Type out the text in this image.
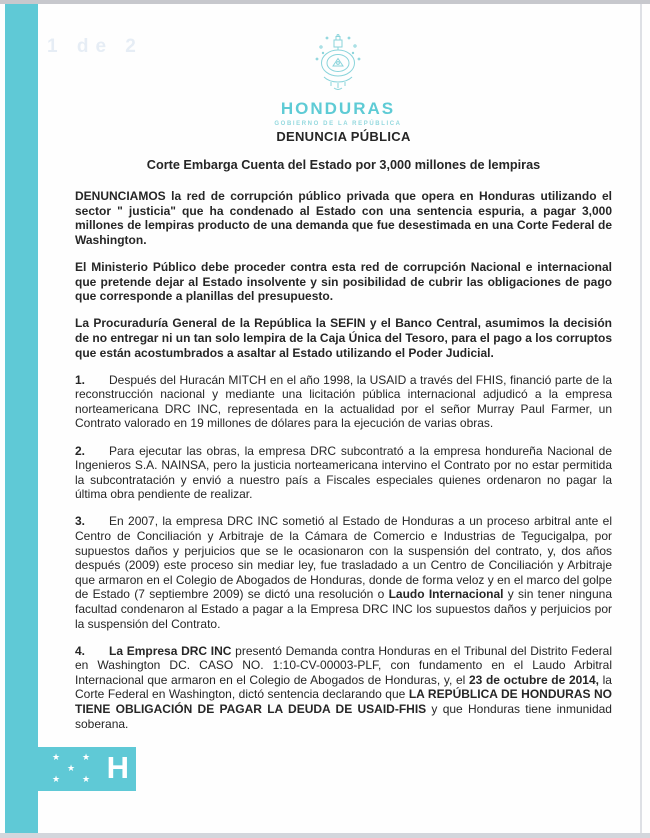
1 de 2
HONDURAS
GOBIERNO DE LA REPÚBLICA

DENUNCIA PÚBLICA

Corte Embarga Cuenta del Estado por 3,000 millones de lempiras

DENUNCIAMOS la red de corrupción público privada que opera en Honduras utilizando el sector " justicia" que ha condenado al Estado con una sentencia espuria, a pagar 3,000 millones de lempiras producto de una demanda que fue desestimada en una Corte Federal de Washington.

El Ministerio Público debe proceder contra esta red de corrupción Nacional e internacional que pretende dejar al Estado insolvente y sin posibilidad de cubrir las obligaciones de pago que corresponde a planillas del presupuesto.

La Procuraduría General de la República la SEFIN y el Banco Central, asumimos la decisión de no entregar ni un tan solo lempira de la Caja Única del Tesoro, para el pago a los corruptos que están acostumbrados a asaltar al Estado utilizando el Poder Judicial.

1. Después del Huracán MITCH en el año 1998, la USAID a través del FHIS, financió parte de la reconstrucción nacional y mediante una licitación pública internacional adjudicó a la empresa norteamericana DRC INC, representada en la actualidad por el señor Murray Paul Farmer, un Contrato valorado en 19 millones de dólares para la ejecución de varias obras.

2. Para ejecutar las obras, la empresa DRC subcontrató a la empresa hondureña Nacional de Ingenieros S.A. NAINSA, pero la justicia norteamericana intervino el Contrato por no estar permitida la subcontratación y envió a nuestro país a Fiscales especiales quienes ordenaron no pagar la última obra pendiente de realizar.

3. En 2007, la empresa DRC INC sometió al Estado de Honduras a un proceso arbitral ante el Centro de Conciliación y Arbitraje de la Cámara de Comercio e Industrias de Tegucigalpa, por supuestos daños y perjuicios que se le ocasionaron con la suspensión del contrato, y, dos años después (2009) este proceso sin mediar ley, fue trasladado a un Centro de Conciliación y Arbitraje que armaron en el Colegio de Abogados de Honduras, donde de forma veloz y en el marco del golpe de Estado (7 septiembre 2009) se dictó una resolución o Laudo Internacional y sin tener ninguna facultad condenaron al Estado a pagar a la Empresa DRC INC los supuestos daños y perjuicios por la suspensión del Contrato.

4. La Empresa DRC INC presentó Demanda contra Honduras en el Tribunal del Distrito Federal en Washington DC. CASO NO. 1:10-CV-00003-PLF, con fundamento en el Laudo Arbitral Internacional que armaron en el Colegio de Abogados de Honduras, y, el 23 de octubre de 2014, la Corte Federal en Washington, dictó sentencia declarando que LA REPÚBLICA DE HONDURAS NO TIENE OBLIGACIÓN DE PAGAR LA DEUDA DE USAID-FHIS y que Honduras tiene inmunidad soberana.

★ ★
★
★ ★ H
